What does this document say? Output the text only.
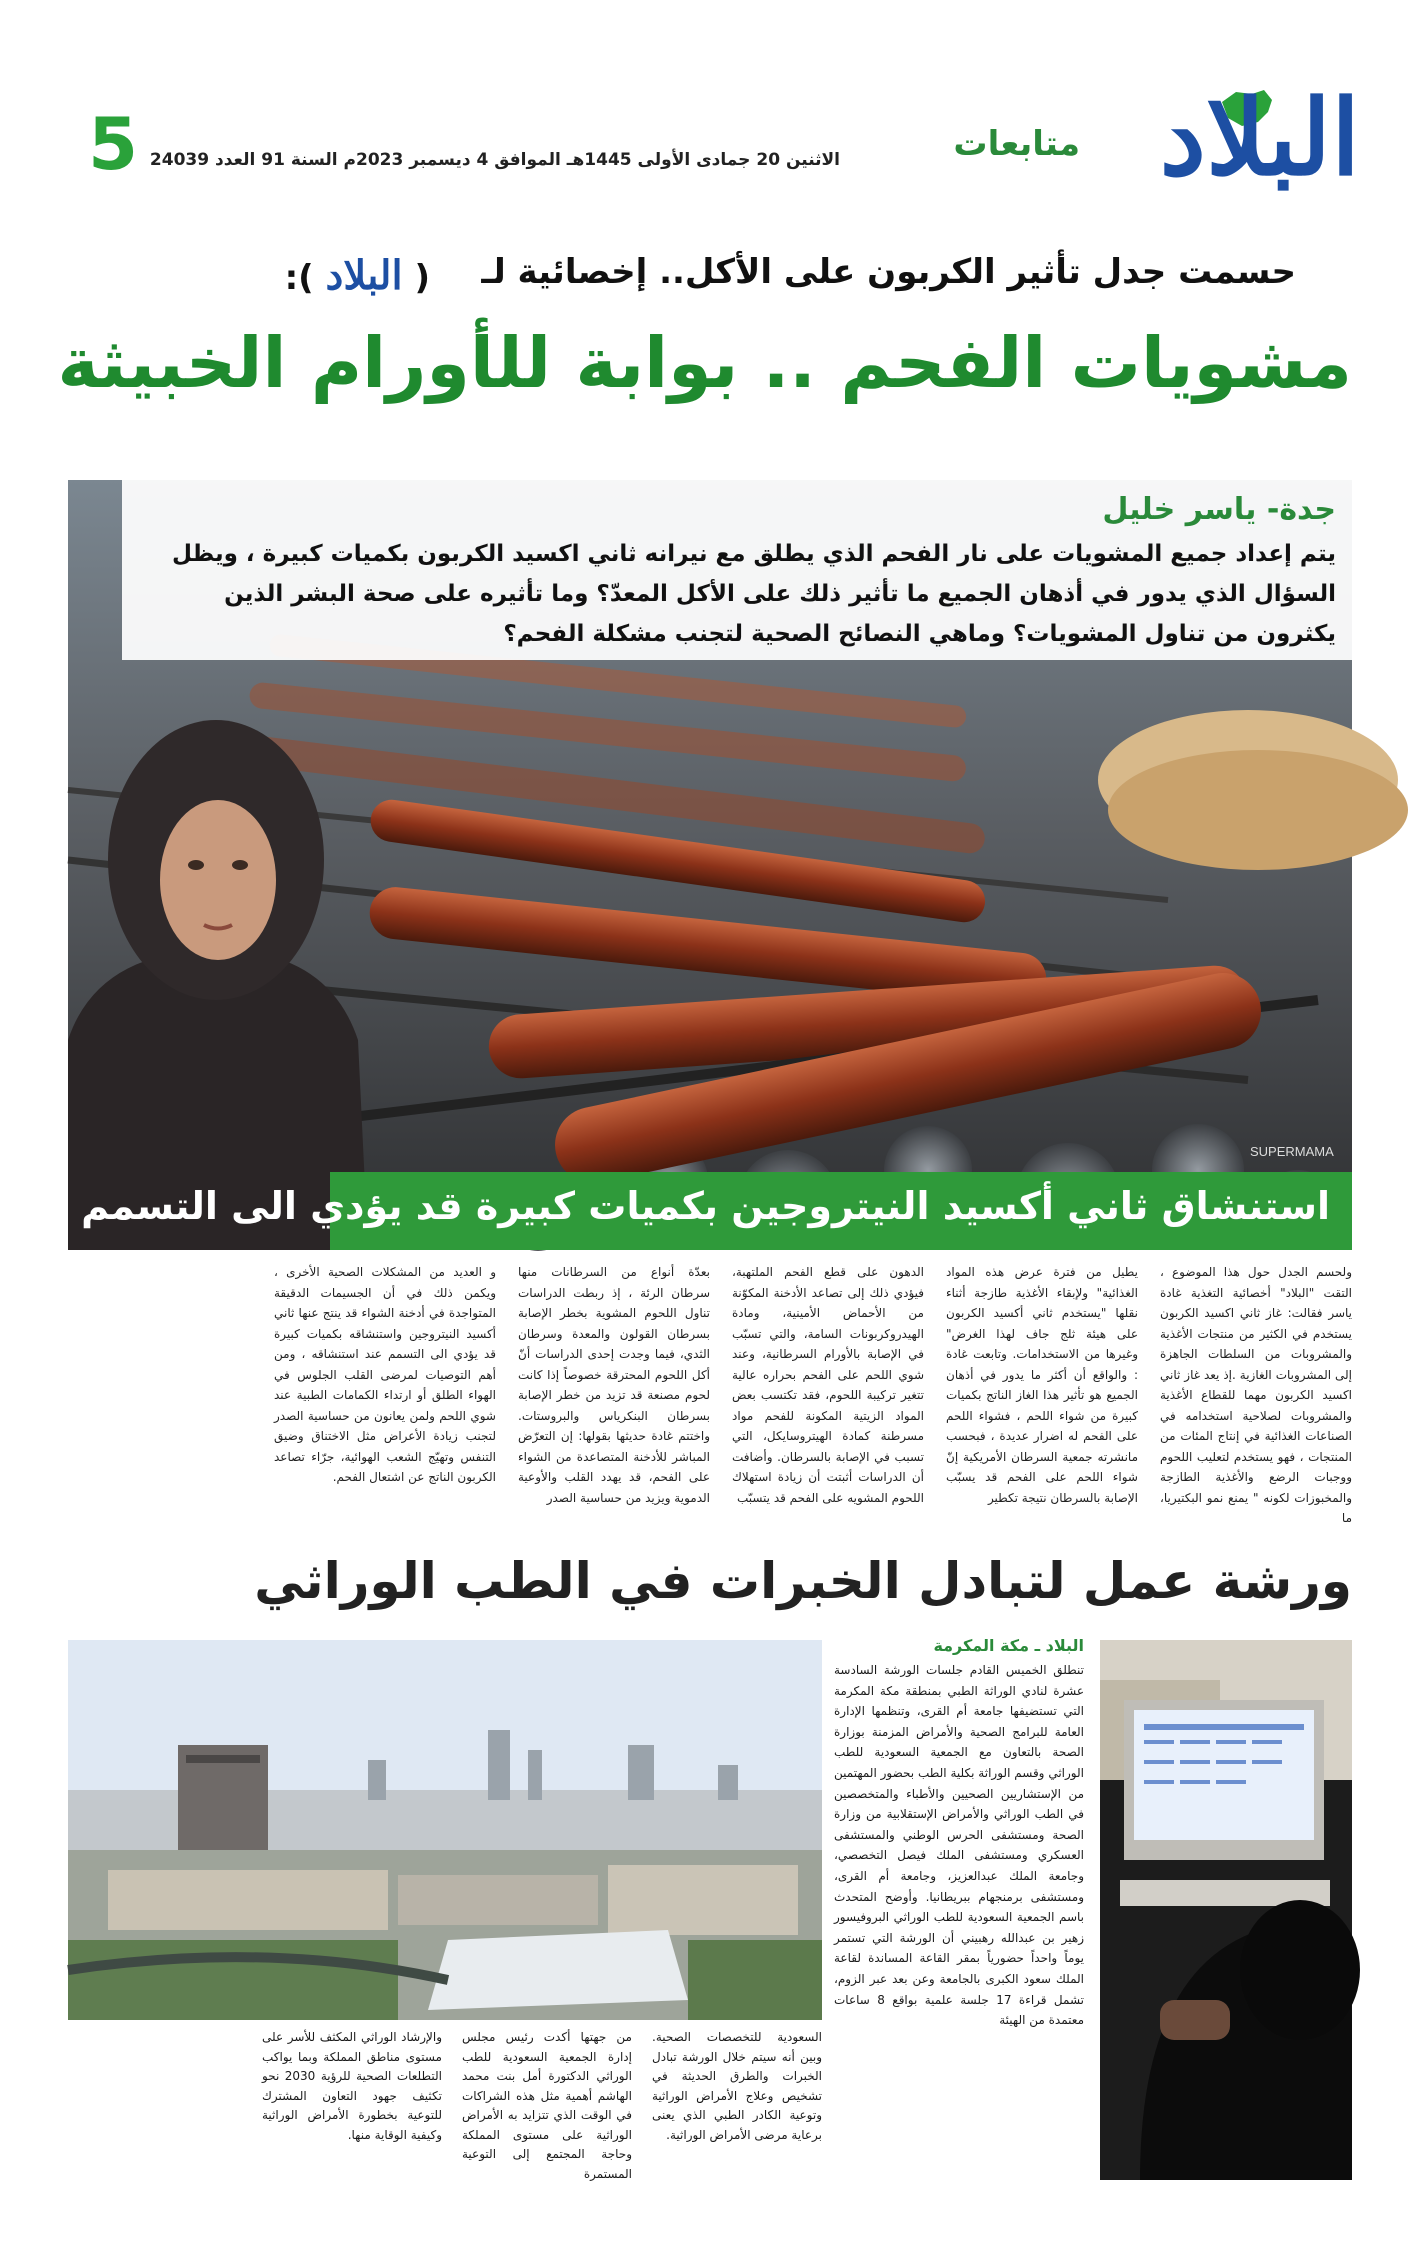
البلاد
متابعات
الاثنين 20 جمادى الأولى 1445هـ الموافق 4 ديسمبر 2023م السنة 91 العدد 24039
5
حسمت جدل تأثير الكربون على الأكل.. إخصائية لـ
( البلاد ):
مشويات الفحم .. بوابة للأورام الخبيثة
جدة- ياسر خليل

يتم إعداد جميع المشويات على نار الفحم الذي يطلق مع نيرانه ثاني اكسيد الكربون بكميات كبيرة ، ويظل السؤال الذي يدور في أذهان الجميع ما تأثير ذلك على الأكل المعدّ؟ وما تأثيره على صحة البشر الذين يكثرون من تناول المشويات؟ وماهي النصائح الصحية لتجنب مشكلة الفحم؟

SUPERMAMA
استنشاق ثاني أكسيد النيتروجين بكميات كبيرة قد يؤدي الى التسمم
ولحسم الجدل حول هذا الموضوع ، التقت "البلاد" أخصائية التغذية غادة ياسر فقالت: غاز ثاني اكسيد الكربون يستخدم في الكثير من منتجات الأغذية والمشروبات من السلطات الجاهزة إلى المشروبات الغازية .إذ يعد غاز ثاني اكسيد الكربون مهما للقطاع الأغذية والمشروبات لصلاحية استخدامه في الصناعات الغذائية في إنتاج المئات من المنتجات ، فهو يستخدم لتعليب اللحوم ووجبات الرضع والأغذية الطازجة والمخبوزات لكونه " يمنع نمو البكتيريا، ما
يطيل من فترة عرض هذه المواد الغذائية" ولإبقاء الأغذية طازجة أثناء نقلها "يستخدم ثاني أكسيد الكربون على هيئة ثلج جاف لهذا الغرض" وغيرها من الاستخدامات. وتابعت غادة : والواقع أن أكثر ما يدور في أذهان الجميع هو تأثير هذا الغاز الناتج بكميات كبيرة من شواء اللحم ، فشواء اللحم على الفحم له اضرار عديدة ، فبحسب مانشرته جمعية السرطان الأمريكية إنّ شواء اللحم على الفحم قد يسبّب الإصابة بالسرطان نتيجة تكطير
الدهون على قطع الفحم الملتهبة، فيؤدي ذلك إلى تصاعد الأدخنة المكوّنة من الأحماض الأمينية، ومادة الهيدروكربونات السامة، والتي تسبّب في الإصابة بالأورام السرطانية، وعند شوي اللحم على الفحم بحراره عالية تتغير تركيبة اللحوم، فقد تكتسب بعض المواد الزيتية المكونة للفحم مواد مسرطنة كمادة الهيتروسايكل، التي تسبب في الإصابة بالسرطان. وأضافت أن الدراسات أثبتت أن زيادة استهلاك اللحوم المشويه على الفحم قد يتسبّب
بعدّة أنواع من السرطانات منها سرطان الرئة ، إذ ربطت الدراسات تناول اللحوم المشوية بخطر الإصابة بسرطان القولون والمعدة وسرطان الثدي، فيما وجدت إحدى الدراسات أنّ أكل اللحوم المحترقة خصوصاً إذا كانت لحوم مصنعة قد تزيد من خطر الإصابة بسرطان البنكرياس والبروستات. واختتم غادة حديثها بقولها: إن التعرّض المباشر للأدخنة المتصاعدة من الشواء على الفحم، قد يهدد القلب والأوعية الدموية ويزيد من حساسية الصدر
و العديد من المشكلات الصحية الأخرى ، ويكمن ذلك في أن الجسيمات الدقيقة المتواجدة في أدخنة الشواء قد ينتج عنها ثاني أكسيد النيتروجين واستنشاقه بكميات كبيرة قد يؤدي الى التسمم عند استنشاقه ، ومن أهم التوصيات لمرضى القلب الجلوس في الهواء الطلق أو ارتداء الكمامات الطبية عند شوي اللحم ولمن يعانون من حساسية الصدر لتجنب زيادة الأعراض مثل الاختناق وضيق التنفس وتهيّج الشعب الهوائية، جرّاء تصاعد الكربون الناتج عن اشتعال الفحم.
ورشة عمل لتبادل الخبرات في الطب الوراثي
البلاد ـ مكة المكرمة
تنطلق الخميس القادم جلسات الورشة السادسة عشرة لنادي الوراثة الطبي بمنطقة مكة المكرمة التي تستضيفها جامعة أم القرى، وتنظمها الإدارة العامة للبرامج الصحية والأمراض المزمنة بوزارة الصحة بالتعاون مع الجمعية السعودية للطب الوراثي وقسم الوراثة بكلية الطب بحضور المهتمين من الإستشاريين الصحيين والأطباء والمتخصصين في الطب الوراثي والأمراض الإستقلابية من وزارة الصحة ومستشفى الحرس الوطني والمستشفى العسكري ومستشفى الملك فيصل التخصصي، وجامعة الملك عبدالعزيز، وجامعة أم القرى، ومستشفى برمنجهام ببريطانيا. وأوضح المتحدث باسم الجمعية السعودية للطب الوراثي البروفيسور زهير بن عبدالله رهبيني أن الورشة التي تستمر يوماً واحداً حضورياً بمقر القاعة المساندة لقاعة الملك سعود الكبرى بالجامعة وعن بعد عبر الزوم، تشمل قراءة 17 جلسة علمية بواقع 8 ساعات معتمدة من الهيئة
السعودية للتخصصات الصحية. وبين أنه سيتم خلال الورشة تبادل الخبرات والطرق الحديثة في تشخيص وعلاج الأمراض الوراثية وتوعية الكادر الطبي الذي يعنى برعاية مرضى الأمراض الوراثية.
من جهتها أكدت رئيس مجلس إدارة الجمعية السعودية للطب الوراثي الدكتورة أمل بنت محمد الهاشم أهمية مثل هذه الشراكات في الوقت الذي تتزايد به الأمراض الوراثية على مستوى المملكة وحاجة المجتمع إلى التوعية المستمرة
والإرشاد الوراثي المكثف للأسر على مستوى مناطق المملكة وبما يواكب التطلعات الصحية للرؤية 2030 نحو تكثيف جهود التعاون المشترك للتوعية بخطورة الأمراض الوراثية وكيفية الوقاية منها.
